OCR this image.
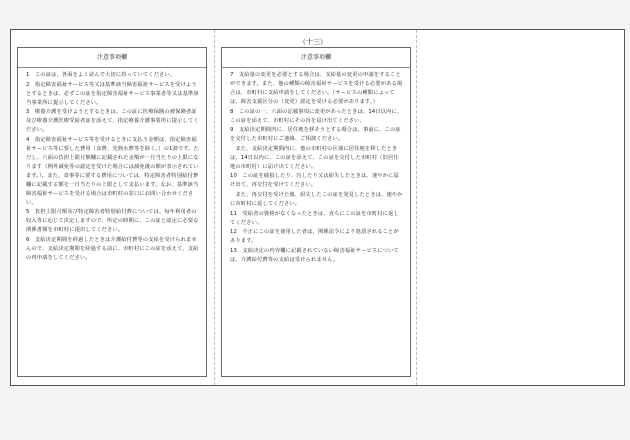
（十三）
注意事項欄

1　この証は、各面をよく読んで大切に持っていてください。

2　指定障害福祉サービス等又は基準該当障害福祉サービスを受けようとするときは、必ずこの証を指定障害福祉サービス事業者等又は基準該当事業所に提示してください。

3　療養介護を受けようとするときは、この証に医療保険の被保険者証及び療養介護医療受給者証を添えて、指定療養介護事業所に提示してください。

4　指定障害福祉サービス等を受けるときに支払う金額は、指定障害福祉サービス等に要した費用（食費、光熱水費等を除く。）の1割です。ただし、六面の負担上限月額欄に記載された金額が一月当たりの上限になります（例外減免等の認定を受けた場合には減免後の額が表示されています。）。また、食事等に要する費用については、特定障害者特別給付費欄に記載する額を一日当たりの上限として支払います。なお、基準該当障害福祉サービスを受ける場合は市町村の窓口にお問い合わせください。

5　負担上限月額及び特定障害者特別給付費については、毎年利用者の収入等に応じて決定しますので、所定の時期に、この証と認定に必要な関係書類を市町村に提出してください。

6　支給決定期間を経過したときは介護給付費等の支給を受けられませんので、支給決定期間を経過する前に、市町村にこの証を添えて、支給の再申請をしてください。

注意事項欄

7　支給量の変更を必要とする場合は、支給量の変更の申請をすることができます。また、他の種類の障害福祉サービスを受ける必要がある場合は、市町村に支給申請をしてください。（サービスの種類によっては、障害支援区分の（変更）認定を受ける必要があります。）

8　この証の一、六面の記載事項に変更があったときは、14日以内に、この証を添えて、市町村にその旨を届け出てください。

9　支給決定期間内に、居住地を移そうとする場合は、事前に、この証を交付した市町村にご連絡、ご相談ください。

　また、支給決定期間内に、他の市町村の区域に居住地を移したときは、14日以内に、この証を添えて、この証を交付した市町村（旧居住地の市町村）に届け出てください。

10　この証を破損したり、汚したり又は紛失したときは、速やかに届け出て、再交付を受けてください。

　また、再交付を受けた後、紛失したこの証を発見したときは、速やかに市町村に返してください。

11　受給者の資格がなくなったときは、直ちにこの証を市町村に返してください。

12　不正にこの証を使用した者は、関係法令により処罰されることがあります。

13　支給決定の内容欄に記載されていない障害福祉サービスについては、介護給付費等の支給は受けられません。
